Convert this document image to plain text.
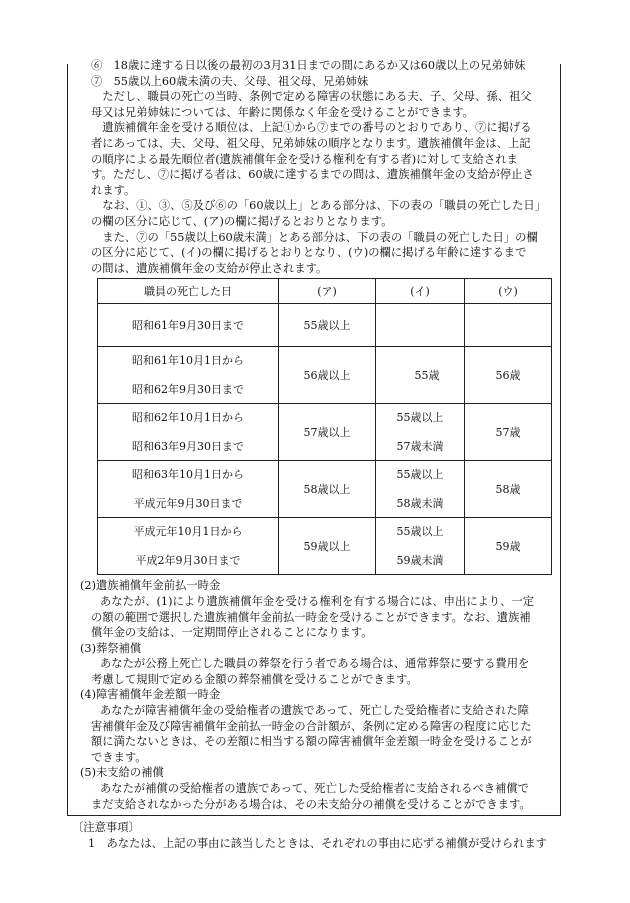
⑥　18歳に達する日以後の最初の3月31日までの間にあるか又は60歳以上の兄弟姉妹
⑦　55歳以上60歳未満の夫、父母、祖父母、兄弟姉妹
　ただし、職員の死亡の当時、条例で定める障害の状態にある夫、子、父母、孫、祖父
母又は兄弟姉妹については、年齢に関係なく年金を受けることができます。
　遺族補償年金を受ける順位は、上記①から⑦までの番号のとおりであり、⑦に掲げる
者にあっては、夫、父母、祖父母、兄弟姉妹の順序となります。遺族補償年金は、上記
の順序による最先順位者(遺族補償年金を受ける権利を有する者)に対して支給されま
す。ただし、⑦に掲げる者は、60歳に達するまでの間は、遺族補償年金の支給が停止さ
れます。
　なお、①、③、⑤及び⑥の「60歳以上」とある部分は、下の表の「職員の死亡した日」
の欄の区分に応じて、(ア)の欄に掲げるとおりとなります。
　また、⑦の「55歳以上60歳未満」とある部分は、下の表の「職員の死亡した日」の欄
の区分に応じて、(イ)の欄に掲げるとおりとなり、(ウ)の欄に掲げる年齢に達するまで
の間は、遺族補償年金の支給が停止されます。
職員の死亡した日	(ア)	(イ)	(ウ)
昭和61年9月30日まで	55歳以上		

昭和61年10月1日から
昭和62年9月30日まで	56歳以上	55歳	56歳

昭和62年10月1日から
昭和63年9月30日まで	57歳以上	55歳以上
57歳未満	57歳

昭和63年10月1日から
平成元年9月30日まで	58歳以上	55歳以上
58歳未満	58歳

平成元年10月1日から
平成2年9月30日まで	59歳以上	55歳以上
59歳未満	59歳
(2)遺族補償年金前払一時金
あなたが、(1)により遺族補償年金を受ける権利を有する場合には、申出により、一定
の額の範囲で選択した遺族補償年金前払一時金を受けることができます。なお、遺族補
償年金の支給は、一定期間停止されることになります。
(3)葬祭補償
あなたが公務上死亡した職員の葬祭を行う者である場合は、通常葬祭に要する費用を
考慮して規則で定める金額の葬祭補償を受けることができます。
(4)障害補償年金差額一時金
あなたが障害補償年金の受給権者の遺族であって、死亡した受給権者に支給された障
害補償年金及び障害補償年金前払一時金の合計額が、条例に定める障害の程度に応じた
額に満たないときは、その差額に相当する額の障害補償年金差額一時金を受けることが
できます。
(5)未支給の補償
あなたが補償の受給権者の遺族であって、死亡した受給権者に支給されるべき補償で
まだ支給されなかった分がある場合は、その未支給分の補償を受けることができます。
〔注意事項〕
1　あなたは、上記の事由に該当したときは、それぞれの事由に応ずる補償が受けられます
